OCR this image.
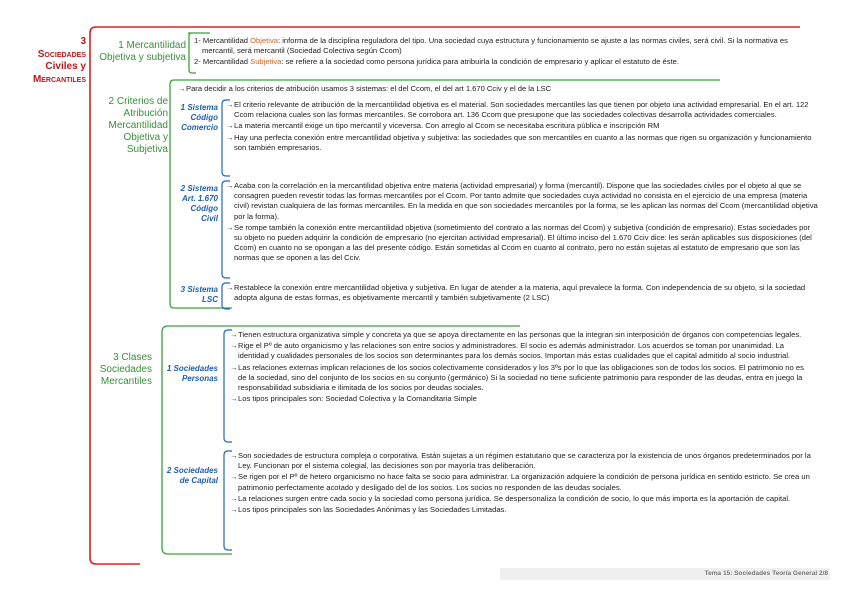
3
Sociedades
Civiles y
Mercantiles
1 Mercantilidad
Objetiva y subjetiva
1- Mercantilidad Objetiva: informa de la disciplina reguladora del tipo. Una sociedad cuya estructura y funcionamiento se ajuste a las normas civiles, será civil. Si la normativa es mercantil, será mercantil (Sociedad Colectiva según Ccom)
2- Mercantilidad Subjetiva: se refiere a la sociedad como persona jurídica para atribuirla la condición de empresario y aplicar el estatuto de éste.
2 Criterios de
Atribución
Mercantilidad
Objetiva y
Subjetiva
→Para decidir a los criterios de atribución usamos 3 sistemas: el del Ccom, el del art 1.670 Cciv y el de la LSC
1 Sistema
Código
Comercio
→El criterio relevante de atribución de la mercantilidad objetiva es el material. Son sociedades mercantiles las que tienen por objeto una actividad empresarial. En el art. 122 Ccom relaciona cuales son las formas mercantiles. Se corrobora art. 136 Ccom que presupone que las sociedades colectivas desarrolla actividades comerciales.
→La materia mercantil exige un tipo mercantil y viceversa. Con arreglo al Ccom se necesitaba escritura pública e inscripción RM
→Hay una perfecta conexión entre mercantilidad objetiva y subjetiva: las sociedades que son mercantiles en cuanto a las normas que rigen su organización y funcionamiento son también empresarios.
2 Sistema
Art. 1.670
Código
Civil
→Acaba con la correlación en la mercantilidad objetiva entre materia (actividad empresarial) y forma (mercantil). Dispone que las sociedades civiles por el objeto al que se consagren pueden revestir todas las formas mercantiles por el Ccom. Por tanto admite que sociedades cuya actividad no consista en el ejercicio de una empresa (materia civil) revistan cualquiera de las formas mercantiles. En la medida en que son sociedades mercantiles por la forma, se les aplican las normas del Ccom (mercantilidad objetiva por la forma).
→Se rompe también la conexión entre mercantilidad objetiva (sometimiento del contrato a las normas del Ccom) y subjetiva (condición de empresario). Estas sociedades por su objeto no pueden adquirir la condición de empresario (no ejercitan actividad empresarial). El último inciso del 1.670 Cciv dice: les serán aplicables sus disposiciones (del Ccom) en cuanto no se opongan a las del presente código. Están sometidas al Ccom en cuanto al contrato, pero no están sujetas al estatuto de empresario que son las normas que se oponen a las del Cciv.
3 Sistema
LSC
→Restablece la conexión entre mercantilidad objetiva y subjetiva. En lugar de atender a la materia, aquí prevalece la forma. Con independencia de su objeto, si la sociedad adopta alguna de estas formas, es objetivamente mercantil y también subjetivamente (2 LSC)
3 Clases
Sociedades
Mercantiles
1 Sociedades
Personas
→Tienen estructura organizativa simple y concreta ya que se apoya directamente en las personas que la integran sin interposición de órganos con competencias legales.
→Rige el Pº de auto organicismo y las relaciones son entre socios y administradores. El socio es además administrador. Los acuerdos se toman por unanimidad. La identidad y cualidades personales de los socios son determinantes para los demás socios. Importan más estas cualidades que el capital admitido al socio industrial.
→Las relaciones externas implican relaciones de los socios colectivamente considerados y los 3ºs por lo que las obligaciones son de todos los socios. El patrimonio no es de la sociedad, sino del conjunto de los socios en su conjunto (germánico) Si la sociedad no tiene suficiente patrimonio para responder de las deudas, entra en juego la responsabilidad subsidiaria e ilimitada de los socios por deudas sociales.
→Los tipos principales son: Sociedad Colectiva y la Comanditaria Simple
2 Sociedades
de Capital
→Son sociedades de estructura compleja o corporativa. Están sujetas a un régimen estatutario que se caracteriza por la existencia de unos órganos predeterminados por la Ley. Funcionan por el sistema colegial, las decisiones son por mayoría tras deliberación.
→Se rigen por el Pº de hetero organicismo no hace falta se socio para administrar. La organización adquiere la condición de persona jurídica en sentido estricto. Se crea un patrimonio perfectamente acotado y desligado del de los socios. Los socios no responden de las deudas sociales.
→La relaciones surgen entre cada socio y la sociedad como persona jurídica. Se despersonaliza la condición de socio, lo que más importa es la aportación de capital.
→Los tipos principales son las Sociedades Anónimas y las Sociedades Limitadas.
Tema 15: Sociedades Teoría General 2/8
